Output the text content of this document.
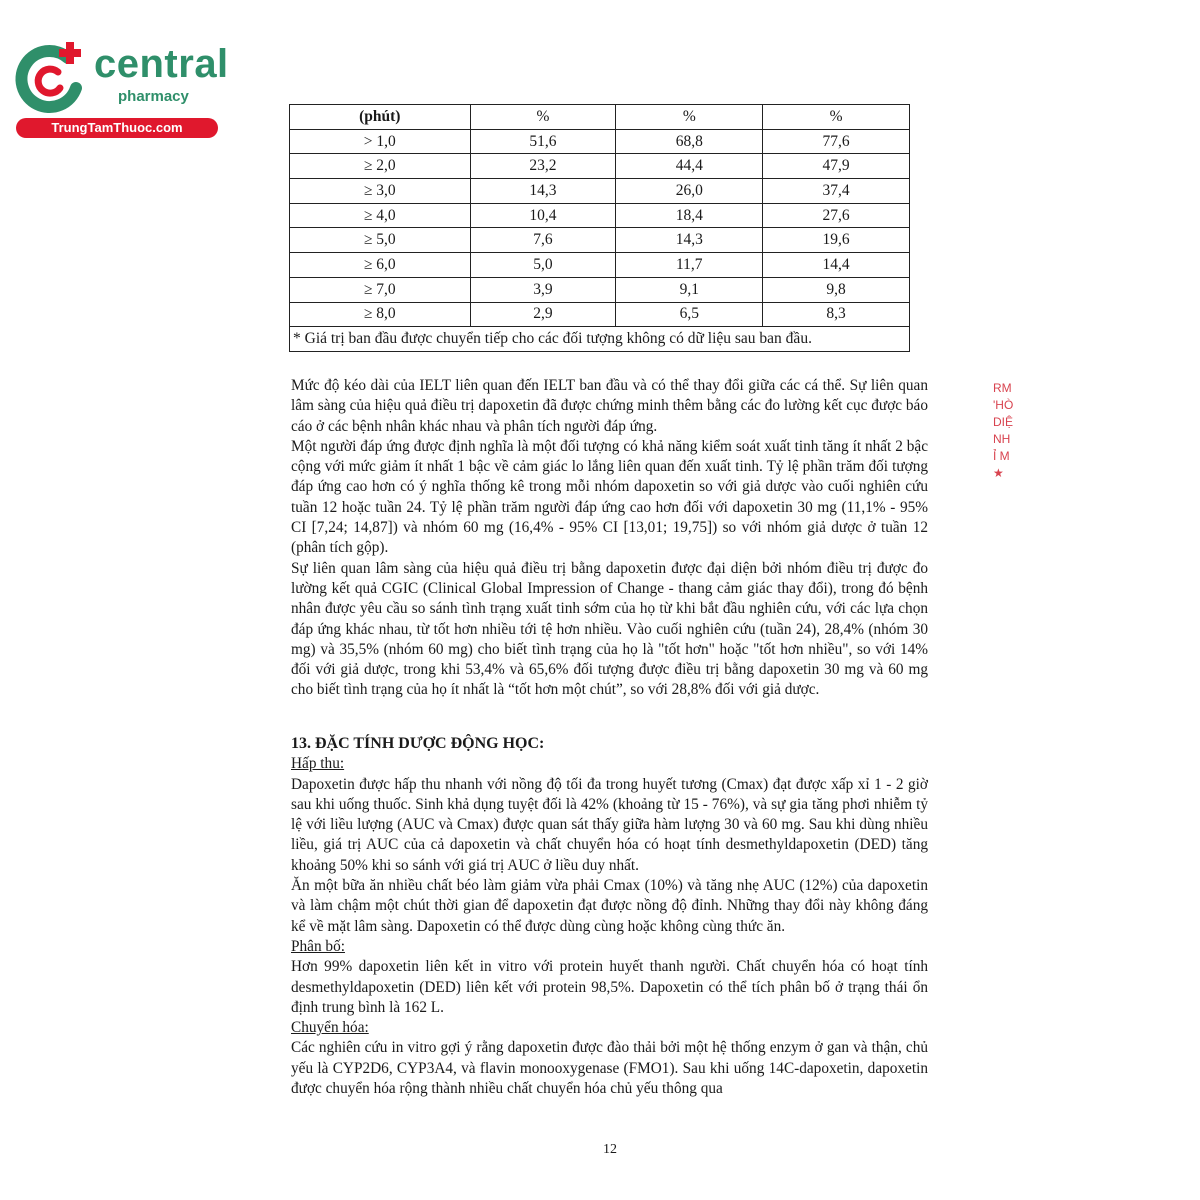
central
pharmacy
TrungTamThuoc.com
(phút)	%	%	%
> 1,0	51,6	68,8	77,6
≥ 2,0	23,2	44,4	47,9
≥ 3,0	14,3	26,0	37,4
≥ 4,0	10,4	18,4	27,6
≥ 5,0	7,6	14,3	19,6
≥ 6,0	5,0	11,7	14,4
≥ 7,0	3,9	9,1	9,8
≥ 8,0	2,9	6,5	8,3
* Giá trị ban đầu được chuyển tiếp cho các đối tượng không có dữ liệu sau ban đầu.			
RM
'HÒ
DIỆ
NH
Ỉ M
★

Mức độ kéo dài của IELT liên quan đến IELT ban đầu và có thể thay đổi giữa các cá thể. Sự liên quan lâm sàng của hiệu quả điều trị dapoxetin đã được chứng minh thêm bằng các đo lường kết cục được báo cáo ở các bệnh nhân khác nhau và phân tích người đáp ứng.

Một người đáp ứng được định nghĩa là một đối tượng có khả năng kiểm soát xuất tinh tăng ít nhất 2 bậc cộng với mức giảm ít nhất 1 bậc về cảm giác lo lắng liên quan đến xuất tinh. Tỷ lệ phần trăm đối tượng đáp ứng cao hơn có ý nghĩa thống kê trong mỗi nhóm dapoxetin so với giả dược vào cuối nghiên cứu tuần 12 hoặc tuần 24. Tỷ lệ phần trăm người đáp ứng cao hơn đối với dapoxetin 30 mg (11,1% - 95% CI [7,24; 14,87]) và nhóm 60 mg (16,4% - 95% CI [13,01; 19,75]) so với nhóm giả dược ở tuần 12 (phân tích gộp).

Sự liên quan lâm sàng của hiệu quả điều trị bằng dapoxetin được đại diện bởi nhóm điều trị được đo lường kết quả CGIC (Clinical Global Impression of Change - thang cảm giác thay đổi), trong đó bệnh nhân được yêu cầu so sánh tình trạng xuất tinh sớm của họ từ khi bắt đầu nghiên cứu, với các lựa chọn đáp ứng khác nhau, từ tốt hơn nhiều tới tệ hơn nhiều. Vào cuối nghiên cứu (tuần 24), 28,4% (nhóm 30 mg) và 35,5% (nhóm 60 mg) cho biết tình trạng của họ là "tốt hơn" hoặc "tốt hơn nhiều", so với 14% đối với giả dược, trong khi 53,4% và 65,6% đối tượng được điều trị bằng dapoxetin 30 mg và 60 mg cho biết tình trạng của họ ít nhất là “tốt hơn một chút”, so với 28,8% đối với giả dược.

13. ĐẶC TÍNH DƯỢC ĐỘNG HỌC:

Hấp thu:

Dapoxetin được hấp thu nhanh với nồng độ tối đa trong huyết tương (Cmax) đạt được xấp xỉ 1 - 2 giờ sau khi uống thuốc. Sinh khả dụng tuyệt đối là 42% (khoảng từ 15 - 76%), và sự gia tăng phơi nhiễm tỷ lệ với liều lượng (AUC và Cmax) được quan sát thấy giữa hàm lượng 30 và 60 mg. Sau khi dùng nhiều liều, giá trị AUC của cả dapoxetin và chất chuyển hóa có hoạt tính desmethyldapoxetin (DED) tăng khoảng 50% khi so sánh với giá trị AUC ở liều duy nhất.

Ăn một bữa ăn nhiều chất béo làm giảm vừa phải Cmax (10%) và tăng nhẹ AUC (12%) của dapoxetin và làm chậm một chút thời gian để dapoxetin đạt được nồng độ đỉnh. Những thay đổi này không đáng kể về mặt lâm sàng. Dapoxetin có thể được dùng cùng hoặc không cùng thức ăn.

Phân bố:

Hơn 99% dapoxetin liên kết in vitro với protein huyết thanh người. Chất chuyển hóa có hoạt tính desmethyldapoxetin (DED) liên kết với protein 98,5%. Dapoxetin có thể tích phân bố ở trạng thái ổn định trung bình là 162 L.

Chuyển hóa:

Các nghiên cứu in vitro gợi ý rằng dapoxetin được đào thải bởi một hệ thống enzym ở gan và thận, chủ yếu là CYP2D6, CYP3A4, và flavin monooxygenase (FMO1). Sau khi uống 14C-dapoxetin, dapoxetin được chuyển hóa rộng thành nhiều chất chuyển hóa chủ yếu thông qua

12
